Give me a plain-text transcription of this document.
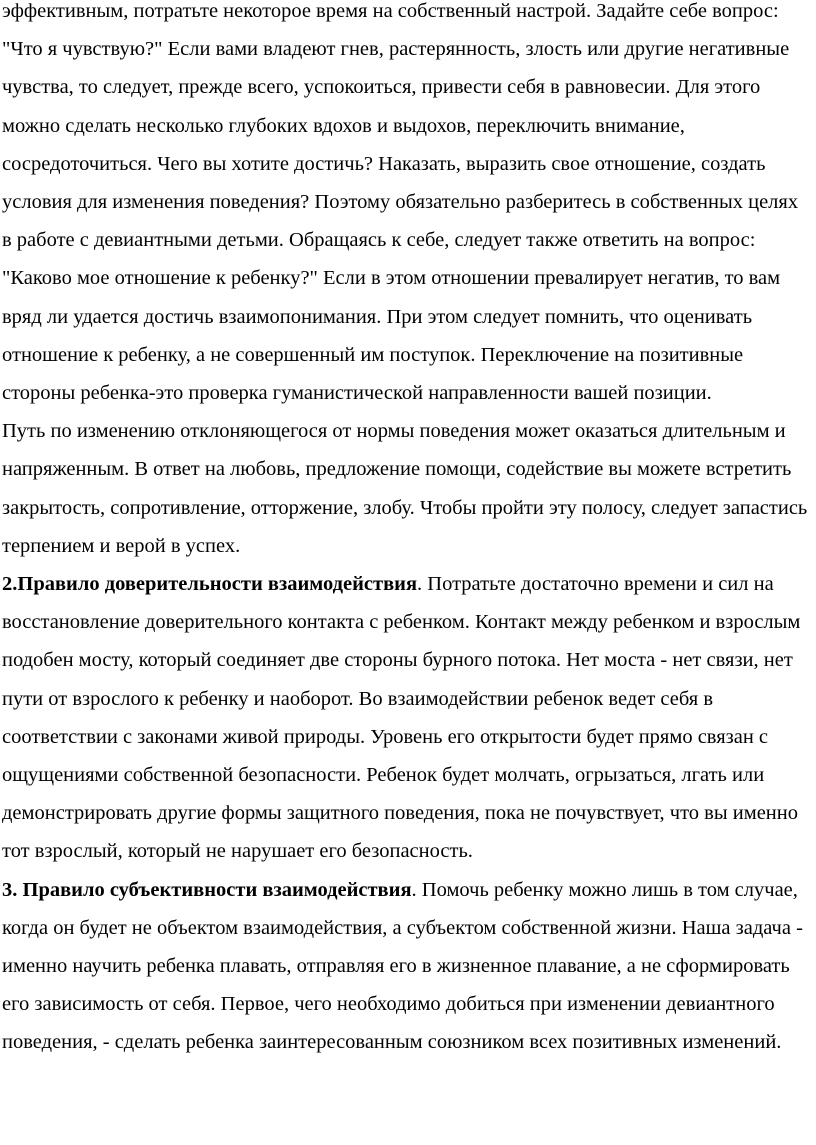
эффективным, потратьте некоторое время на собственный настрой. Задайте себе вопрос: "Что я чувствую?" Если вами владеют гнев, растерянность, злость или другие негативные чувства, то следует, прежде всего, успокоиться, привести себя в равновесии. Для этого можно сделать несколько глубоких вдохов и выдохов, переключить внимание, сосредоточиться. Чего вы хотите достичь? Наказать, выразить свое отношение, создать условия для изменения поведения? Поэтому обязательно разберитесь в собственных целях в работе с девиантными детьми. Обращаясь к себе, следует также ответить на вопрос: "Каково мое отношение к ребенку?" Если в этом отношении превалирует негатив, то вам вряд ли удается достичь взаимопонимания. При этом следует помнить, что оценивать отношение к ребенку, а не совершенный им поступок. Переключение на позитивные стороны ребенка-это проверка гуманистической направленности вашей позиции.

Путь по изменению отклоняющегося от нормы поведения может оказаться длительным и напряженным. В ответ на любовь, предложение помощи, содействие вы можете встретить закрытость, сопротивление, отторжение, злобу. Чтобы пройти эту полосу, следует запастись терпением и верой в успех.

2.Правило доверительности взаимодействия. Потратьте достаточно времени и сил на восстановление доверительного контакта с ребенком. Контакт между ребенком и взрослым подобен мосту, который соединяет две стороны бурного потока. Нет моста - нет связи, нет пути от взрослого к ребенку и наоборот. Во взаимодействии ребенок ведет себя в соответствии с законами живой природы. Уровень его открытости будет прямо связан с ощущениями собственной безопасности. Ребенок будет молчать, огрызаться, лгать или демонстрировать другие формы защитного поведения, пока не почувствует, что вы именно тот взрослый, который не нарушает его безопасность.

3. Правило субъективности взаимодействия. Помочь ребенку можно лишь в том случае, когда он будет не объектом взаимодействия, а субъектом собственной жизни. Наша задача - именно научить ребенка плавать, отправляя его в жизненное плавание, а не сформировать его зависимость от себя. Первое, чего необходимо добиться при изменении девиантного поведения, - сделать ребенка заинтересованным союзником всех позитивных изменений.
